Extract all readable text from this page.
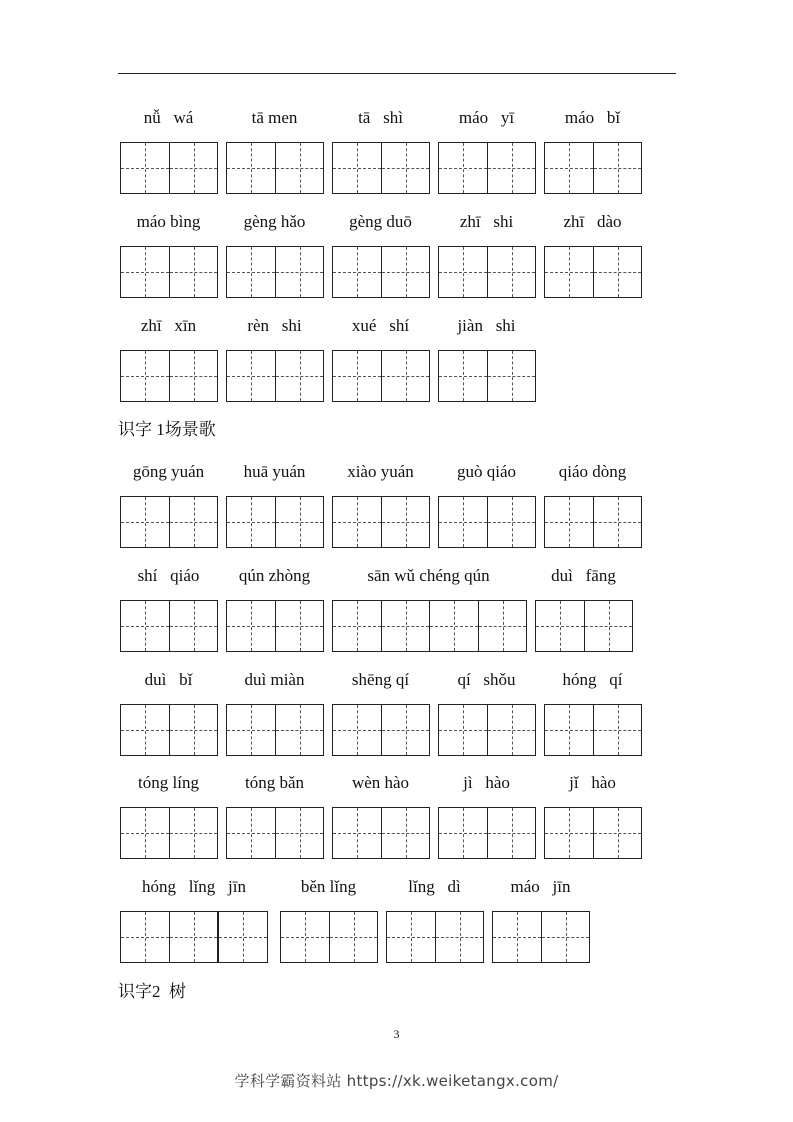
nǚ   wá	tā men	tā   shì	máo   yī	máo   bǐ
máo bìng	gèng hǎo	gèng duō	zhī   shi	zhī   dào
zhī   xīn	rèn   shi	xué   shí	jiàn   shi
识字 1场景歌
gōng yuán	huā yuán	xiào yuán	guò qiáo	qiáo dòng
shí   qiáo	qún zhòng	sān wǔ chéng qún	duì   fāng
duì   bǐ	duì miàn	shēng qí	qí   shǒu	hóng   qí
tóng líng	tóng bǎn	wèn hào	jì   hào	jǐ   hào
hóng   lǐng   jīn	běn lǐng	lǐng   dì	máo   jīn
识字2  树
3
学科学霸资料站 https://xk.weiketangx.com/
